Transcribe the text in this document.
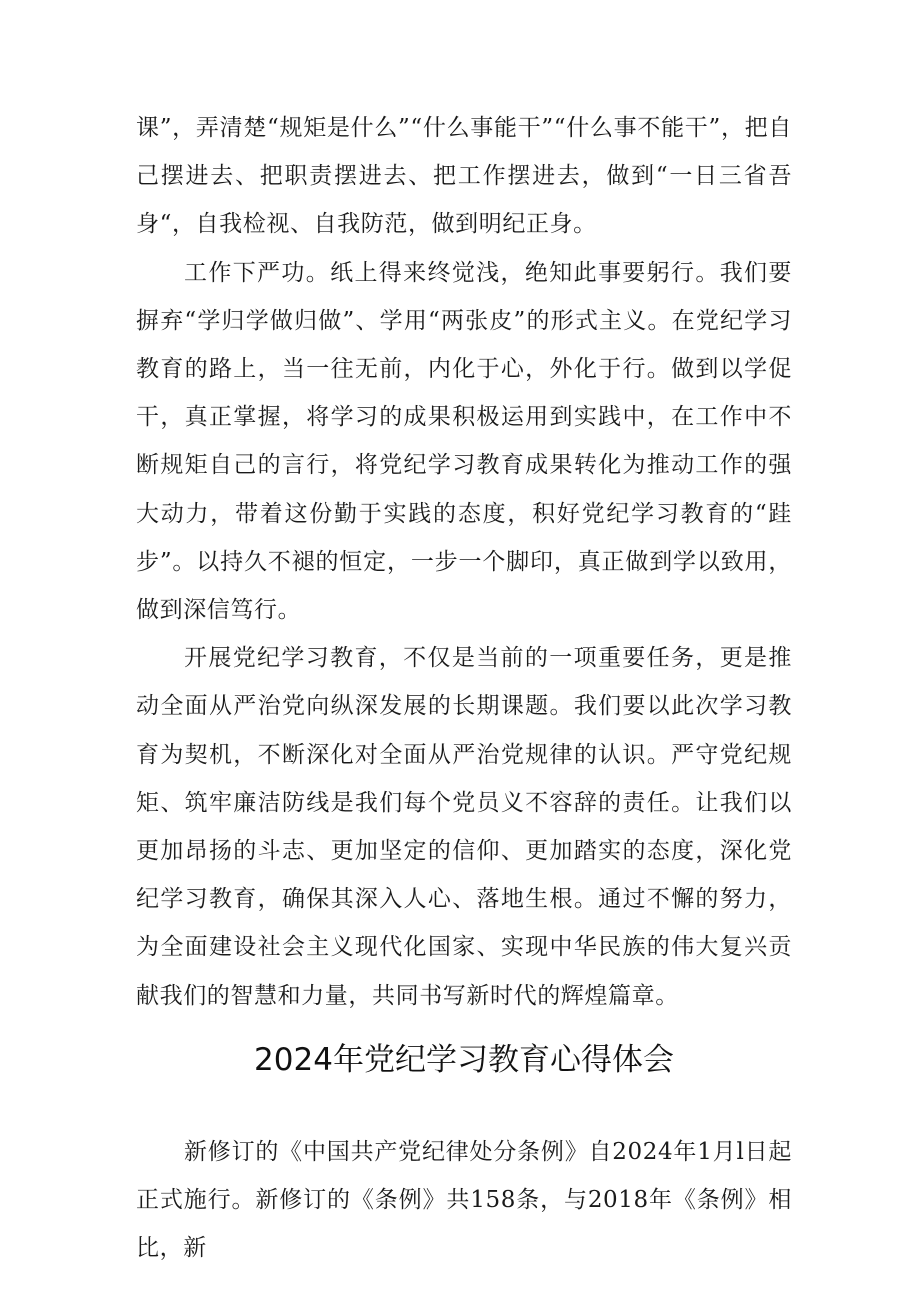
课”，弄清楚“规矩是什么”“什么事能干”“什么事不能干”，把自己摆进去、把职责摆进去、把工作摆进去，做到“一日三省吾身“，自我检视、自我防范，做到明纪正身。

工作下严功。纸上得来终觉浅，绝知此事要躬行。我们要摒弃“学归学做归做”、学用“两张皮”的形式主义。在党纪学习教育的路上，当一往无前，内化于心，外化于行。做到以学促干，真正掌握，将学习的成果积极运用到实践中，在工作中不断规矩自己的言行，将党纪学习教育成果转化为推动工作的强大动力，带着这份勤于实践的态度，积好党纪学习教育的“跬步”。以持久不褪的恒定，一步一个脚印，真正做到学以致用，做到深信笃行。

开展党纪学习教育，不仅是当前的一项重要任务，更是推动全面从严治党向纵深发展的长期课题。我们要以此次学习教育为契机，不断深化对全面从严治党规律的认识。严守党纪规矩、筑牢廉洁防线是我们每个党员义不容辞的责任。让我们以更加昂扬的斗志、更加坚定的信仰、更加踏实的态度，深化党纪学习教育，确保其深入人心、落地生根。通过不懈的努力，为全面建设社会主义现代化国家、实现中华民族的伟大复兴贡献我们的智慧和力量，共同书写新时代的辉煌篇章。

2024年党纪学习教育心得体会

新修订的《中国共产党纪律处分条例》自2024年1月l日起正式施行。新修订的《条例》共158条，与2018年《条例》相比，新
